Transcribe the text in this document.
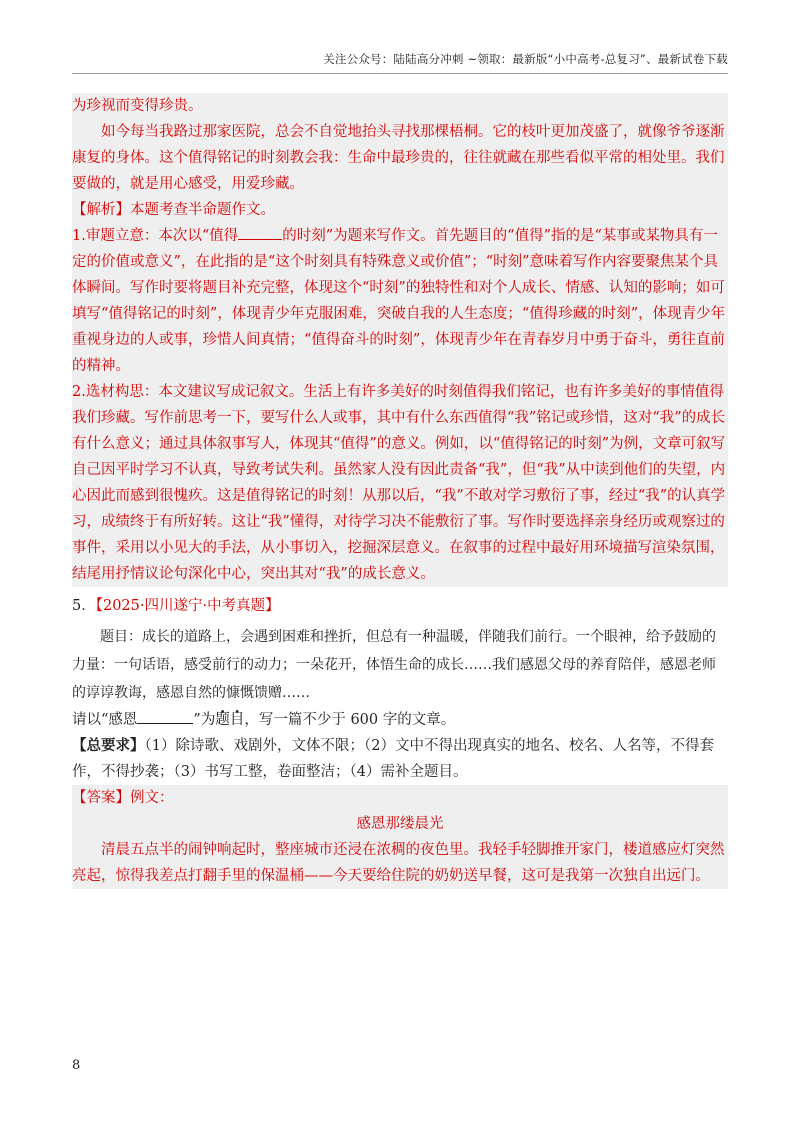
关注公众号：陆陆高分冲刺 ~领取：最新版“小中高考-总复习”、最新试卷下载

为珍视而变得珍贵。

如今每当我路过那家医院，总会不自觉地抬头寻找那棵梧桐。它的枝叶更加茂盛了，就像爷爷逐渐康复的身体。这个值得铭记的时刻教会我：生命中最珍贵的，往往就藏在那些看似平常的相处里。我们要做的，就是用心感受，用爱珍藏。

【解析】本题考查半命题作文。

1.审题立意：本次以“值得	的时刻”为题来写作文。首先题目的“值得”指的是“某事或某物具有一定的价值或意义”，在此指的是“这个时刻具有特殊意义或价值”；“时刻”意味着写作内容要聚焦某个具体瞬间。写作时要将题目补充完整，体现这个“时刻”的独特性和对个人成长、情感、认知的影响；如可填写“值得铭记的时刻”，体现青少年克服困难，突破自我的人生态度；“值得珍藏的时刻”，体现青少年重视身边的人或事，珍惜人间真情；“值得奋斗的时刻”，体现青少年在青春岁月中勇于奋斗，勇往直前的精神。

2.选材构思：本文建议写成记叙文。生活上有许多美好的时刻值得我们铭记，也有许多美好的事情值得我们珍藏。写作前思考一下，要写什么人或事，其中有什么东西值得“我”铭记或珍惜，这对“我”的成长有什么意义；通过具体叙事写人，体现其“值得”的意义。例如，以“值得铭记的时刻”为例，文章可叙写自己因平时学习不认真，导致考试失利。虽然家人没有因此责备“我”，但“我”从中读到他们的失望，内心因此而感到很愧疚。这是值得铭记的时刻！从那以后，“我”不敢对学习敷衍了事，经过“我”的认真学习，成绩终于有所好转。这让“我”懂得，对待学习决不能敷衍了事。写作时要选择亲身经历或观察过的事件，采用以小见大的手法，从小事切入，挖掘深层意义。在叙事的过程中最好用环境描写渲染氛围，结尾用抒情议论句深化中心，突出其对“我”的成长意义。

5．【2025·四川遂宁·中考真题】

题目：成长的道路上，会遇到困难和挫折，但总有一种温暖，伴随我们前行。一个眼神，给予鼓励的力量：一句话语，感受前行的动力；一朵花开，体悟生命的成长……我们感恩父母的养育陪伴，感恩老师的谆谆教诲，感恩自然的慷慨馈赠……

请以“感恩	”为题目，写一篇不少于 600 字的文章。

【总要求】（1）除诗歌、戏剧外，文体不限；（2）文中不得出现真实的地名、校名、人名等，不得套作，不得抄袭；（3）书写工整，卷面整洁；（4）需补全题目。

【答案】例文：

感恩那缕晨光

清晨五点半的闹钟响起时，整座城市还浸在浓稠的夜色里。我轻手轻脚推开家门，楼道感应灯突然亮起，惊得我差点打翻手里的保温桶——今天要给住院的奶奶送早餐，这可是我第一次独自出远门。

8
